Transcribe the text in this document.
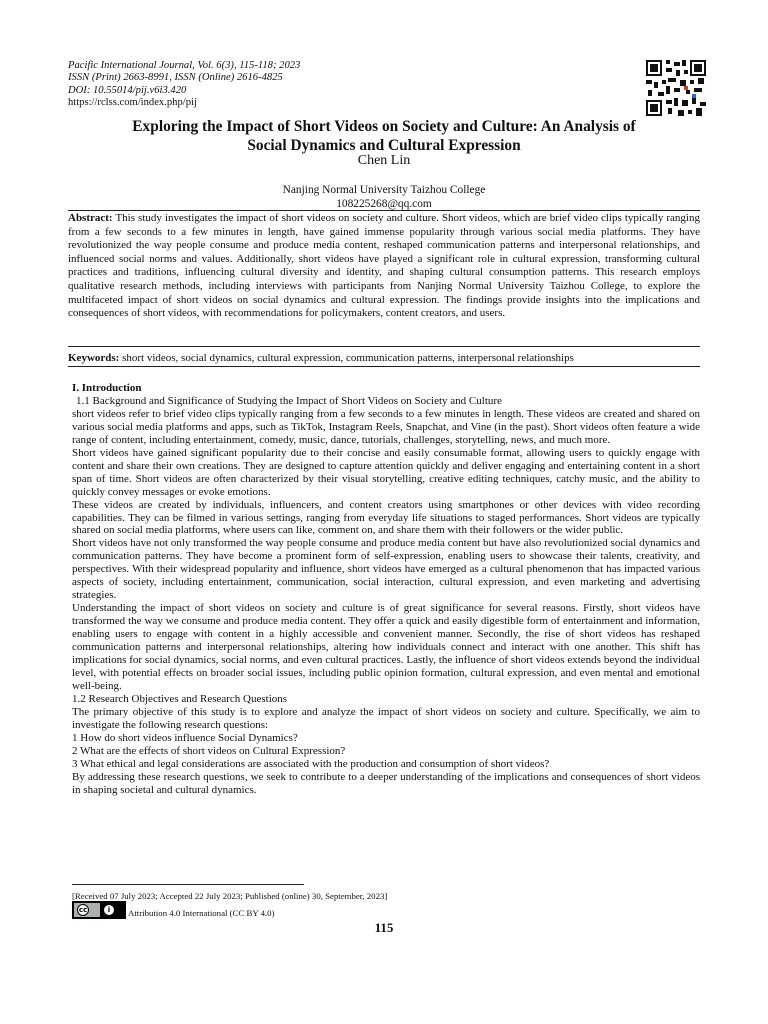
Pacific International Journal, Vol. 6(3), 115-118; 2023
ISSN (Print) 2663-8991, ISSN (Online) 2616-4825
DOI: 10.55014/pij.v6i3.420
https://rclss.com/index.php/pij
Exploring the Impact of Short Videos on Society and Culture: An Analysis of
Social Dynamics and Cultural Expression
Chen Lin
Nanjing Normal University Taizhou College
108225268@qq.com
Abstract: This study investigates the impact of short videos on society and culture. Short videos, which are brief video clips typically ranging from a few seconds to a few minutes in length, have gained immense popularity through various social media platforms. They have revolutionized the way people consume and produce media content, reshaped communication patterns and interpersonal relationships, and influenced social norms and values. Additionally, short videos have played a significant role in cultural expression, transforming cultural practices and traditions, influencing cultural diversity and identity, and shaping cultural consumption patterns. This research employs qualitative research methods, including interviews with participants from Nanjing Normal University Taizhou College, to explore the multifaceted impact of short videos on social dynamics and cultural expression. The findings provide insights into the implications and consequences of short videos, with recommendations for policymakers, content creators, and users.
Keywords: short videos, social dynamics, cultural expression, communication patterns, interpersonal relationships

I. Introduction

1.1 Background and Significance of Studying the Impact of Short Videos on Society and Culture

short videos refer to brief video clips typically ranging from a few seconds to a few minutes in length. These videos are created and shared on various social media platforms and apps, such as TikTok, Instagram Reels, Snapchat, and Vine (in the past). Short videos often feature a wide range of content, including entertainment, comedy, music, dance, tutorials, challenges, storytelling, news, and much more.

Short videos have gained significant popularity due to their concise and easily consumable format, allowing users to quickly engage with content and share their own creations. They are designed to capture attention quickly and deliver engaging and entertaining content in a short span of time. Short videos are often characterized by their visual storytelling, creative editing techniques, catchy music, and the ability to quickly convey messages or evoke emotions.

These videos are created by individuals, influencers, and content creators using smartphones or other devices with video recording capabilities. They can be filmed in various settings, ranging from everyday life situations to staged performances. Short videos are typically shared on social media platforms, where users can like, comment on, and share them with their followers or the wider public.

Short videos have not only transformed the way people consume and produce media content but have also revolutionized social dynamics and communication patterns. They have become a prominent form of self-expression, enabling users to showcase their talents, creativity, and perspectives. With their widespread popularity and influence, short videos have emerged as a cultural phenomenon that has impacted various aspects of society, including entertainment, communication, social interaction, cultural expression, and even marketing and advertising strategies.

Understanding the impact of short videos on society and culture is of great significance for several reasons. Firstly, short videos have transformed the way we consume and produce media content. They offer a quick and easily digestible form of entertainment and information, enabling users to engage with content in a highly accessible and convenient manner. Secondly, the rise of short videos has reshaped communication patterns and interpersonal relationships, altering how individuals connect and interact with one another. This shift has implications for social dynamics, social norms, and even cultural practices. Lastly, the influence of short videos extends beyond the individual level, with potential effects on broader social issues, including public opinion formation, cultural expression, and even mental and emotional well-being.

1.2 Research Objectives and Research Questions

The primary objective of this study is to explore and analyze the impact of short videos on society and culture. Specifically, we aim to investigate the following research questions:

1 How do short videos influence Social Dynamics?

2 What are the effects of short videos on Cultural Expression?

3 What ethical and legal considerations are associated with the production and consumption of short videos?

By addressing these research questions, we seek to contribute to a deeper understanding of the implications and consequences of short videos in shaping societal and cultural dynamics.

[Received 07 July 2023; Accepted 22 July 2023; Published (online) 30, September, 2023]
cc	i	Attribution 4.0 International (CC BY 4.0)
115
